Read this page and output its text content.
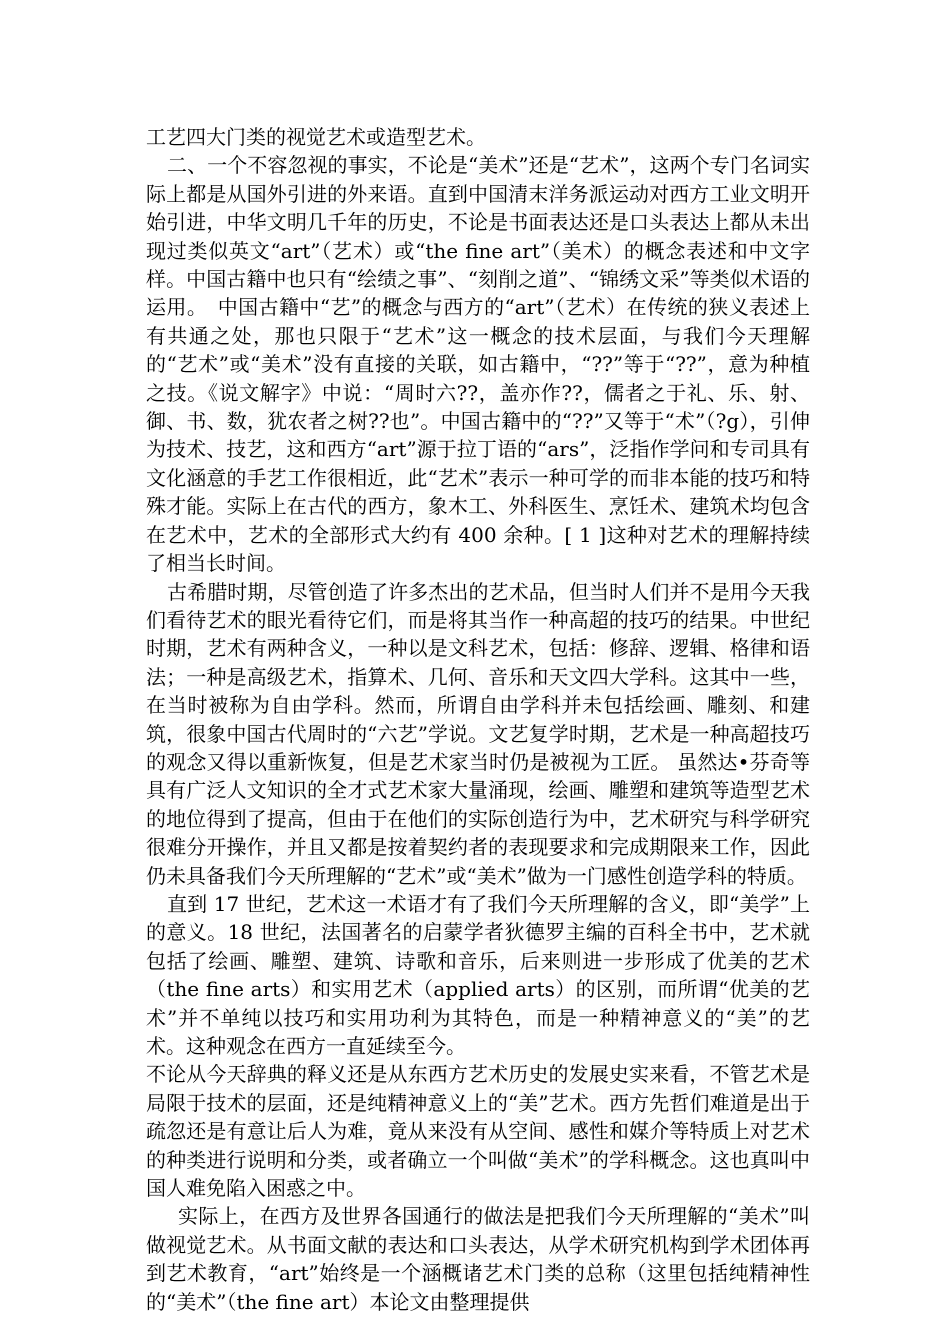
工艺四大门类的视觉艺术或造型艺术。

二、一个不容忽视的事实，不论是“美术”还是“艺术”，这两个专门名词实际上都是从国外引进的外来语。直到中国清末洋务派运动对西方工业文明开始引进，中华文明几千年的历史，不论是书面表达还是口头表达上都从未出现过类似英文“art”（艺术）或“the fine art”（美术）的概念表述和中文字样。中国古籍中也只有“绘绩之事”、“刻削之道”、“锦绣文采”等类似术语的运用。　中国古籍中“艺”的概念与西方的“art”（艺术）在传统的狭义表述上有共通之处，那也只限于“艺术”这一概念的技术层面，与我们今天理解的“艺术”或“美术”没有直接的关联，如古籍中，“??”等于“??”，意为种植之技。《说文解字》中说：“周时六??，盖亦作??，儒者之于礼、乐、射、御、书、数，犹农者之树??也”。中国古籍中的“??”又等于“术”（?g），引伸为技术、技艺，这和西方“art”源于拉丁语的“ars”，泛指作学问和专司具有文化涵意的手艺工作很相近，此“艺术”表示一种可学的而非本能的技巧和特殊才能。实际上在古代的西方，象木工、外科医生、烹饪术、建筑术均包含在艺术中，艺术的全部形式大约有 400 余种。[ 1 ]这种对艺术的理解持续了相当长时间。

古希腊时期，尽管创造了许多杰出的艺术品，但当时人们并不是用今天我们看待艺术的眼光看待它们，而是将其当作一种高超的技巧的结果。中世纪时期，艺术有两种含义，一种以是文科艺术，包括：修辞、逻辑、格律和语法；一种是高级艺术，指算术、几何、音乐和天文四大学科。这其中一些，在当时被称为自由学科。然而，所谓自由学科并未包括绘画、雕刻、和建筑，很象中国古代周时的“六艺”学说。文艺复学时期，艺术是一种高超技巧的观念又得以重新恢复，但是艺术家当时仍是被视为工匠。 虽然达•芬奇等具有广泛人文知识的全才式艺术家大量涌现，绘画、雕塑和建筑等造型艺术的地位得到了提高，但由于在他们的实际创造行为中，艺术研究与科学研究很难分开操作，并且又都是按着契约者的表现要求和完成期限来工作，因此仍未具备我们今天所理解的“艺术”或“美术”做为一门感性创造学科的特质。

直到 17 世纪，艺术这一术语才有了我们今天所理解的含义，即“美学”上的意义。18 世纪，法国著名的启蒙学者狄德罗主编的百科全书中，艺术就包括了绘画、雕塑、建筑、诗歌和音乐，后来则进一步形成了优美的艺术（the fine arts）和实用艺术（applied arts）的区别，而所谓“优美的艺术”并不单纯以技巧和实用功利为其特色，而是一种精神意义的“美”的艺术。这种观念在西方一直延续至今。

不论从今天辞典的释义还是从东西方艺术历史的发展史实来看，不管艺术是局限于技术的层面，还是纯精神意义上的“美”艺术。西方先哲们难道是出于疏忽还是有意让后人为难，竟从来没有从空间、感性和媒介等特质上对艺术的种类进行说明和分类，或者确立一个叫做“美术”的学科概念。这也真叫中国人难免陷入困惑之中。

实际上，在西方及世界各国通行的做法是把我们今天所理解的“美术”叫做视觉艺术。从书面文献的表达和口头表达，从学术研究机构到学术团体再到艺术教育，“art”始终是一个涵概诸艺术门类的总称（这里包括纯精神性的“美术”（the fine art）本论文由整理提供
